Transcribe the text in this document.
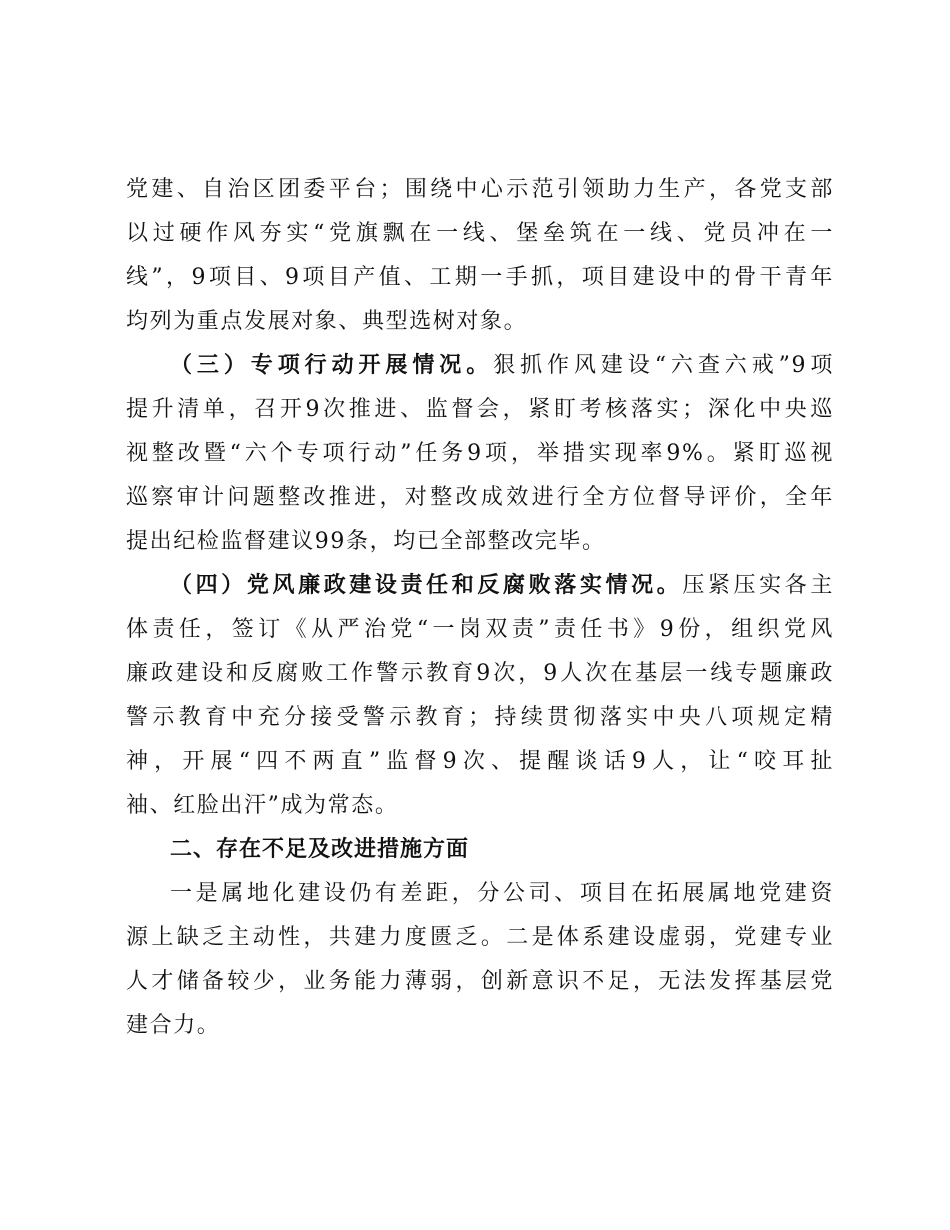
党建、自治区团委平台；围绕中心示范引领助力生产，各党支部
以过硬作风夯实“党旗飘在一线、堡垒筑在一线、党员冲在一
线”，9项目、9项目产值、工期一手抓，项目建设中的骨干青年
均列为重点发展对象、典型选树对象。
（三）专项行动开展情况。狠抓作风建设“六查六戒”9项
提升清单，召开9次推进、监督会，紧盯考核落实；深化中央巡
视整改暨“六个专项行动”任务9项，举措实现率9%。紧盯巡视
巡察审计问题整改推进，对整改成效进行全方位督导评价，全年
提出纪检监督建议99条，均已全部整改完毕。
（四）党风廉政建设责任和反腐败落实情况。压紧压实各主
体责任，签订《从严治党“一岗双责”责任书》9份，组织党风
廉政建设和反腐败工作警示教育9次，9人次在基层一线专题廉政
警示教育中充分接受警示教育；持续贯彻落实中央八项规定精
神，开展“四不两直”监督9次、提醒谈话9人，让“咬耳扯
袖、红脸出汗”成为常态。
二、存在不足及改进措施方面
一是属地化建设仍有差距，分公司、项目在拓展属地党建资
源上缺乏主动性，共建力度匮乏。二是体系建设虚弱，党建专业
人才储备较少，业务能力薄弱，创新意识不足，无法发挥基层党
建合力。
